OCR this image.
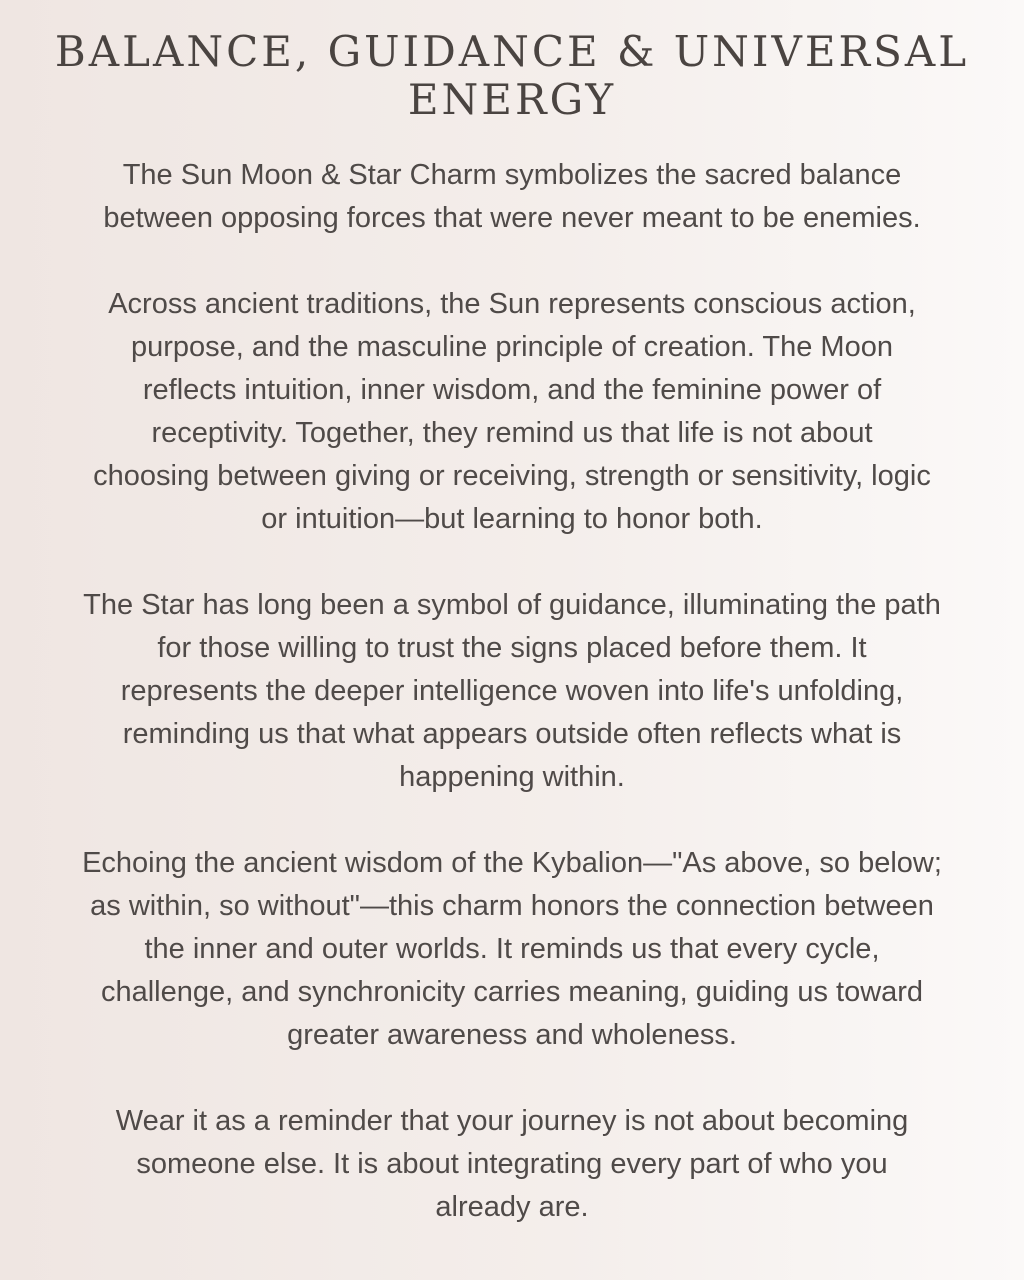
BALANCE, GUIDANCE & UNIVERSAL
ENERGY

The Sun Moon & Star Charm symbolizes the sacred balance
between opposing forces that were never meant to be enemies.

Across ancient traditions, the Sun represents conscious action,
purpose, and the masculine principle of creation. The Moon
reflects intuition, inner wisdom, and the feminine power of
receptivity. Together, they remind us that life is not about
choosing between giving or receiving, strength or sensitivity, logic
or intuition—but learning to honor both.

The Star has long been a symbol of guidance, illuminating the path
for those willing to trust the signs placed before them. It
represents the deeper intelligence woven into life's unfolding,
reminding us that what appears outside often reflects what is
happening within.

Echoing the ancient wisdom of the Kybalion—"As above, so below;
as within, so without"—this charm honors the connection between
the inner and outer worlds. It reminds us that every cycle,
challenge, and synchronicity carries meaning, guiding us toward
greater awareness and wholeness.

Wear it as a reminder that your journey is not about becoming
someone else. It is about integrating every part of who you
already are.
